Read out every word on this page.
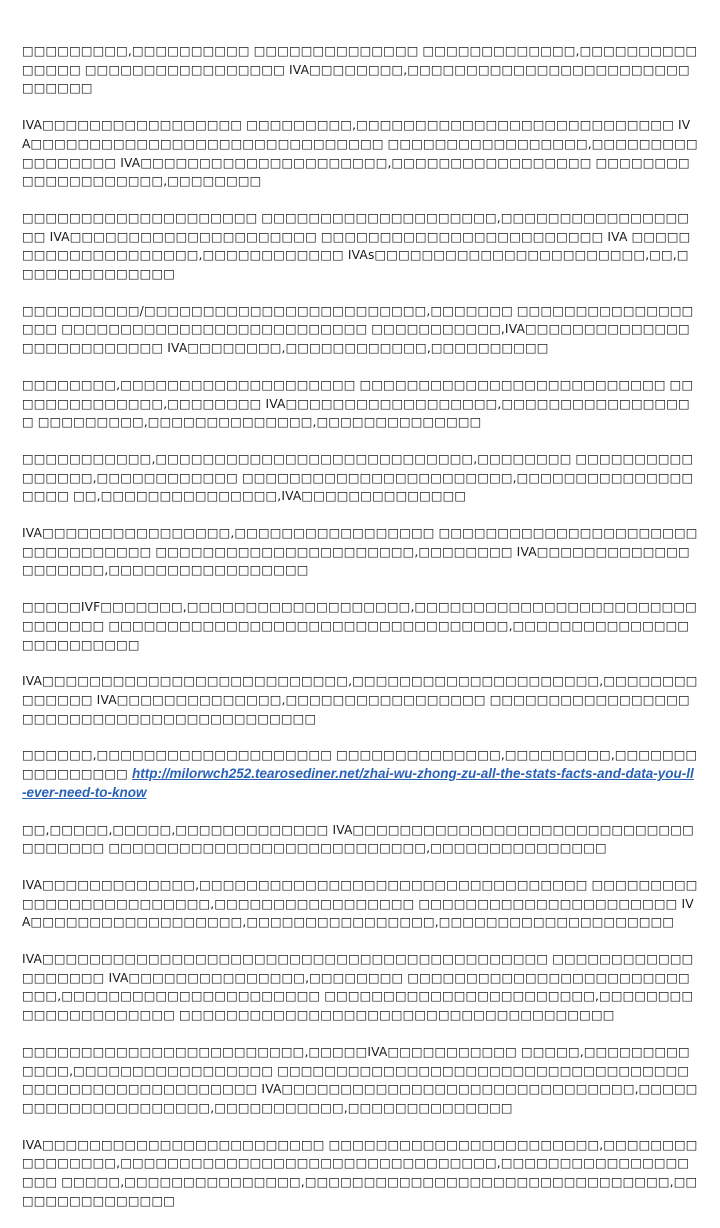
□□□□□□□□□,□□□□□□□□□□ □□□□□□□□□□□□□□ □□□□□□□□□□□□□,□□□□□□□□□□□□□□□ □□□□□□□□□□□□□□□□□ IVA□□□□□□□□,□□□□□□□□□□□□□□□□□□□□□□□□□□□□□□

IVA□□□□□□□□□□□□□□□□□ □□□□□□□□□,□□□□□□□□□□□□□□□□□□□□□□□□□□□ IVA□□□□□□□□□□□□□□□□□□□□□□□□□□□□□□ □□□□□□□□□□□□□□□□□,□□□□□□□□□□□□□□□□□ IVA□□□□□□□□□□□□□□□□□□□□□,□□□□□□□□□□□□□□□□□ □□□□□□□□□□□□□□□□□□□□,□□□□□□□□

□□□□□□□□□□□□□□□□□□□□ □□□□□□□□□□□□□□□□□□□□,□□□□□□□□□□□□□□□□□□ IVA□□□□□□□□□□□□□□□□□□□□□ □□□□□□□□□□□□□□□□□□□□□□□□ IVA □□□□□□□□□□□□□□□□□□□□,□□□□□□□□□□□□ IVAs□□□□□□□□□□□□□□□□□□□□□□□,□□,□□□□□□□□□□□□□□

□□□□□□□□□□/□□□□□□□□□□□□□□□□□□□□□□□□,□□□□□□□ □□□□□□□□□□□□□□□□□□ □□□□□□□□□□□□□□□□□□□□□□□□□□ □□□□□□□□□□□,IVA□□□□□□□□□□□□□□□□□□□□□□□□□□ IVA□□□□□□□□,□□□□□□□□□□□□,□□□□□□□□□□

□□□□□□□□,□□□□□□□□□□□□□□□□□□□□ □□□□□□□□□□□□□□□□□□□□□□□□□□ □□□□□□□□□□□□□□,□□□□□□□□ IVA□□□□□□□□□□□□□□□□□□,□□□□□□□□□□□□□□□□□ □□□□□□□□□,□□□□□□□□□□□□□□,□□□□□□□□□□□□□□

□□□□□□□□□□□,□□□□□□□□□□□□□□□□□□□□□□□□□□□,□□□□□□□□ □□□□□□□□□□□□□□□□,□□□□□□□□□□□□ □□□□□□□□□□□□□□□□□□□□□□□,□□□□□□□□□□□□□□□□□□□ □□,□□□□□□□□□□□□□□□,IVA□□□□□□□□□□□□□□

IVA□□□□□□□□□□□□□□□□,□□□□□□□□□□□□□□□□□ □□□□□□□□□□□□□□□□□□□□□□□□□□□□□□□□□ □□□□□□□□□□□□□□□□□□□□□□,□□□□□□□□ IVA□□□□□□□□□□□□□□□□□□□□,□□□□□□□□□□□□□□□□□

□□□□□IVF□□□□□□□,□□□□□□□□□□□□□□□□□□□,□□□□□□□□□□□□□□□□□□□□□□□□□□□□□□□ □□□□□□□□□□□□□□□□□□□□□□□□□□□□□□□□□□,□□□□□□□□□□□□□□□□□□□□□□□□□

IVA□□□□□□□□□□□□□□□□□□□□□□□□□□,□□□□□□□□□□□□□□□□□□□□□,□□□□□□□□□□□□□□ IVA□□□□□□□□□□□□□□,□□□□□□□□□□□□□□□□□ □□□□□□□□□□□□□□□□□□□□□□□□□□□□□□□□□□□□□□□□□□

□□□□□□,□□□□□□□□□□□□□□□□□□□□ □□□□□□□□□□□□□□,□□□□□□□□□,□□□□□□□□□□□□□□□□ http://milorwch252.tearosediner.net/zhai-wu-zhong-zu-all-the-stats-facts-and-data-you-ll-ever-need-to-know

□□,□□□□□,□□□□□,□□□□□□□□□□□□□ IVA□□□□□□□□□□□□□□□□□□□□□□□□□□□□□□□□□□□□ □□□□□□□□□□□□□□□□□□□□□□□□□□□,□□□□□□□□□□□□□□□

IVA□□□□□□□□□□□□□,□□□□□□□□□□□□□□□□□□□□□□□□□□□□□□□□□ □□□□□□□□□□□□□□□□□□□□□□□□□,□□□□□□□□□□□□□□□□□ □□□□□□□□□□□□□□□□□□□□□□ IVA□□□□□□□□□□□□□□□□□□,□□□□□□□□□□□□□□□□,□□□□□□□□□□□□□□□□□□□□

IVA□□□□□□□□□□□□□□□□□□□□□□□□□□□□□□□□□□□□□□□□□□□ □□□□□□□□□□□□□□□□□□□ IVA□□□□□□□□□□□□□□□,□□□□□□□□ □□□□□□□□□□□□□□□□□□□□□□□□□□□,□□□□□□□□□□□□□□□□□□□□□□ □□□□□□□□□□□□□□□□□□□□□□□,□□□□□□□□□□□□□□□□□□□□□ □□□□□□□□□□□□□□□□□□□□□□□□□□□□□□□□□□□□□

□□□□□□□□□□□□□□□□□□□□□□□□,□□□□□IVA□□□□□□□□□□□ □□□□□,□□□□□□□□□□□□□,□□□□□□□□□□□□□□□□□ □□□□□□□□□□□□□□□□□□□□□□□□□□□□□□□□□□□□□□□□□□□□□□□□□□□□□□□ IVA□□□□□□□□□□□□□□□□□□□□□□□□□□□□□□,□□□□□□□□□□□□□□□□□□□□□,□□□□□□□□□□□,□□□□□□□□□□□□□□

IVA□□□□□□□□□□□□□□□□□□□□□□□□ □□□□□□□□□□□□□□□□□□□□□□□,□□□□□□□□□□□□□□□□,□□□□□□□□□□□□□□□□□□□□□□□□□□□□□□□□,□□□□□□□□□□□□□□□□□□□ □□□□□,□□□□□□□□□□□□□□□,□□□□□□□□□□□□□□□□□□□□□□□□□□□□□□□,□□□□□□□□□□□□□□□
